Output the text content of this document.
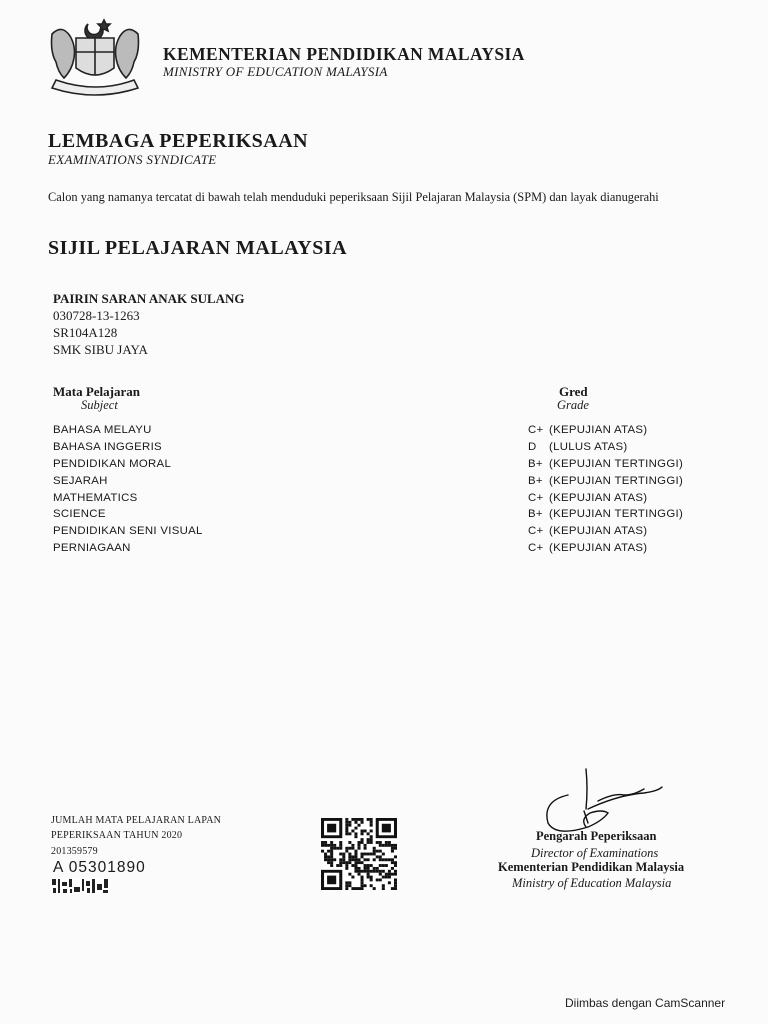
KEMENTERIAN PENDIDIKAN MALAYSIA
MINISTRY OF EDUCATION MALAYSIA
LEMBAGA PEPERIKSAAN
EXAMINATIONS SYNDICATE
Calon yang namanya tercatat di bawah telah menduduki peperiksaan Sijil Pelajaran Malaysia (SPM) dan layak dianugerahi
SIJIL PELAJARAN MALAYSIA
PAIRIN SARAN ANAK SULANG
030728-13-1263
SR104A128
SMK SIBU JAYA
Mata Pelajaran
Subject
Gred
Grade
BAHASA MELAYU	C+ (KEPUJIAN ATAS)
BAHASA INGGERIS	D (LULUS ATAS)
PENDIDIKAN MORAL	B+ (KEPUJIAN TERTINGGI)
SEJARAH	B+ (KEPUJIAN TERTINGGI)
MATHEMATICS	C+ (KEPUJIAN ATAS)
SCIENCE	B+ (KEPUJIAN TERTINGGI)
PENDIDIKAN SENI VISUAL	C+ (KEPUJIAN ATAS)
PERNIAGAAN	C+ (KEPUJIAN ATAS)
JUMLAH MATA PELAJARAN LAPAN
PEPERIKSAAN TAHUN 2020
201359579
A 05301890
Pengarah Peperiksaan
Director of Examinations
Kementerian Pendidikan Malaysia
Ministry of Education Malaysia
Diimbas dengan CamScanner
